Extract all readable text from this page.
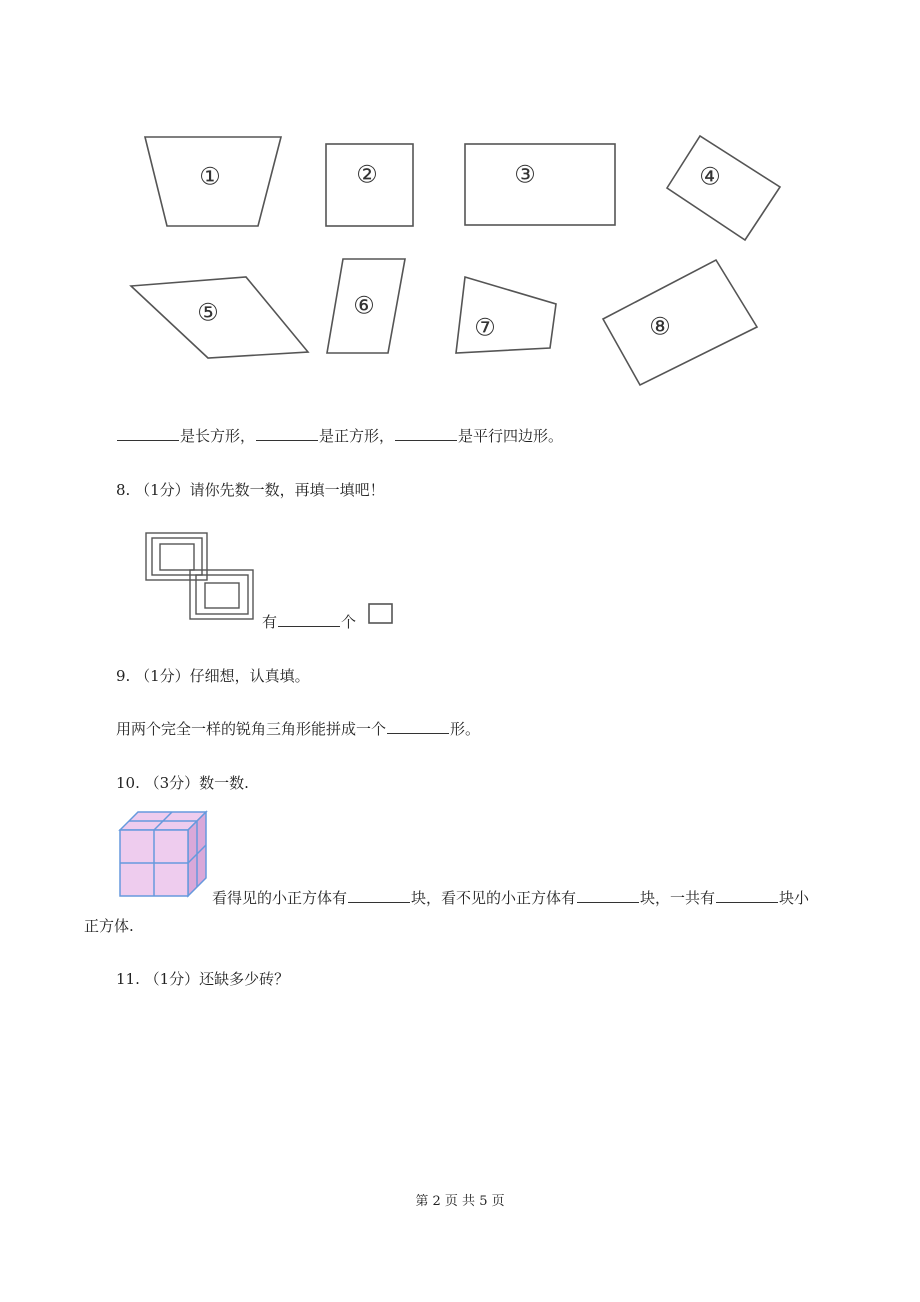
①	②	③	④
⑤	⑥
⑦	⑧
是长方形，	是正方形，	是平行四边形。
8. （1分）请你先数一数，再填一填吧！
有	个
9. （1分）仔细想，认真填。
用两个完全一样的锐角三角形能拼成一个	形。
10. （3分）数一数.
看得见的小正方体有	块，看不见的小正方体有	块，一共有	块小
正方体.
11. （1分）还缺多少砖？
第 2 页 共 5 页
